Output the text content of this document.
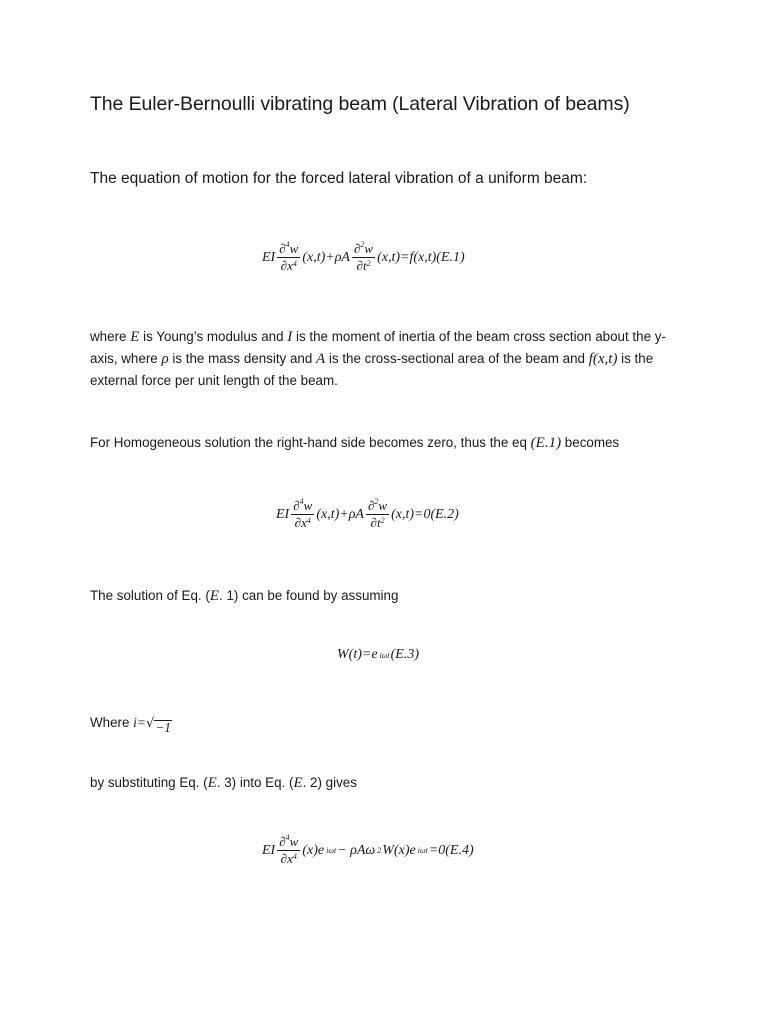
The Euler-Bernoulli vibrating beam (Lateral Vibration of beams)

The equation of motion for the forced lateral vibration of a uniform beam:

EI $\frac{\partial^4w}{\partial x^4} (x,t)+\rho A \frac{\partial^2w}{\partial t^2} (x,t)=f(x,t)(E.1)$

where E is Young’s modulus and I is the moment of inertia of the beam cross section about the y-axis, where ρ is the mass density and A is the cross-sectional area of the beam and f(x,t) is the external force per unit length of the beam.

For Homogeneous solution the right-hand side becomes zero, thus the eq (E.1) becomes

EI $\frac{\partial^4w}{\partial x^4} (x,t)+\rho A \frac{\partial^2w}{\partial t^2} (x,t)=0(E.2)$

The solution of Eq. (E. 1) can be found by assuming

W(t)=e iωt (E.3)

Where i= √ −1

by substituting Eq. (E. 3) into Eq. (E. 2) gives

EI $\frac{\partial^4w}{\partial x^4} (x)e$ iωt − ρAω 2 W(x)e iωt =0(E.4)
